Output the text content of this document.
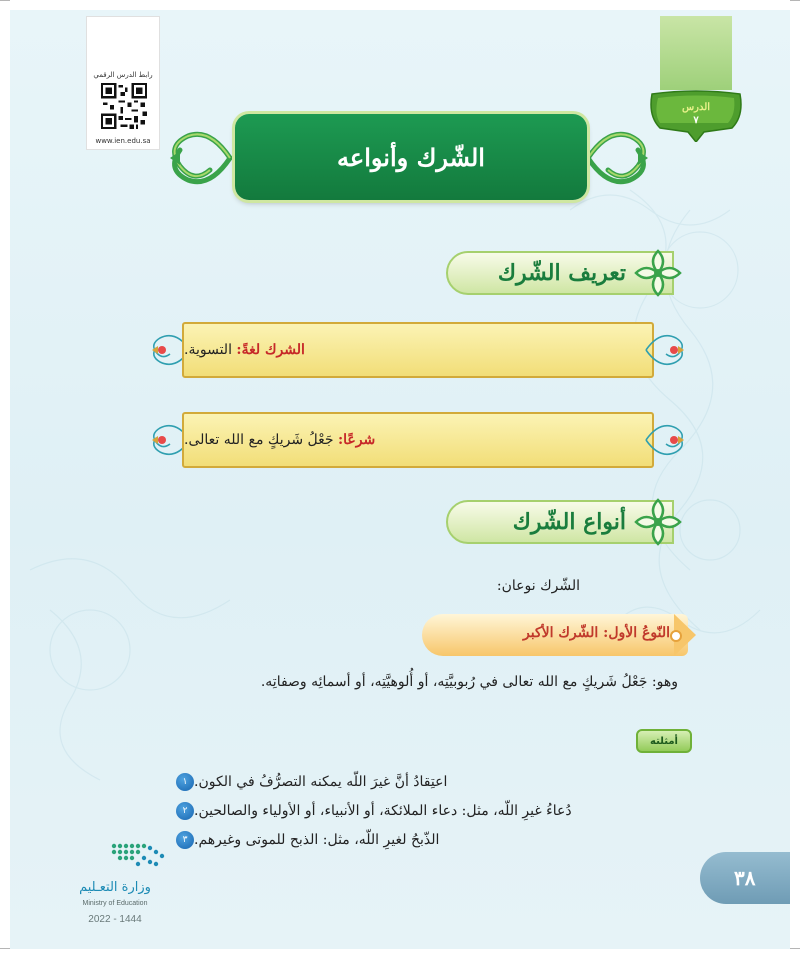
رابط الدرس الرقمي
www.ien.edu.sa
الدرس
٧
الشّرك وأنواعه
تعريف الشّرك
الشرك لغةً:

التسوية.
شرعًا:

جَعْلُ شَريكٍ مع الله تعالى.
أنواع الشّرك
الشّرك نوعان:
النّوعُ الأول: الشّرك الأكبر
وهو: جَعْلُ شَريكٍ مع الله تعالى في رُبوبيَّتِه، أو أُلوهيَّتِه، أو أسمائِه وصفاتِه.
أمثلته
١ اعتِقادُ أنَّ غيرَ اللّه يمكنه التصرُّفُ في الكون.
٢ دُعاءُ غيرِ اللّه، مثل: دعاء الملائكة، أو الأنبياء، أو الأولياء والصالحين.
٣ الذّبحُ لغيرِ اللّه، مثل: الذبح للموتى وغيرهم.
وزارة التعـليم
Ministry of Education
2022 - 1444
٣٨
